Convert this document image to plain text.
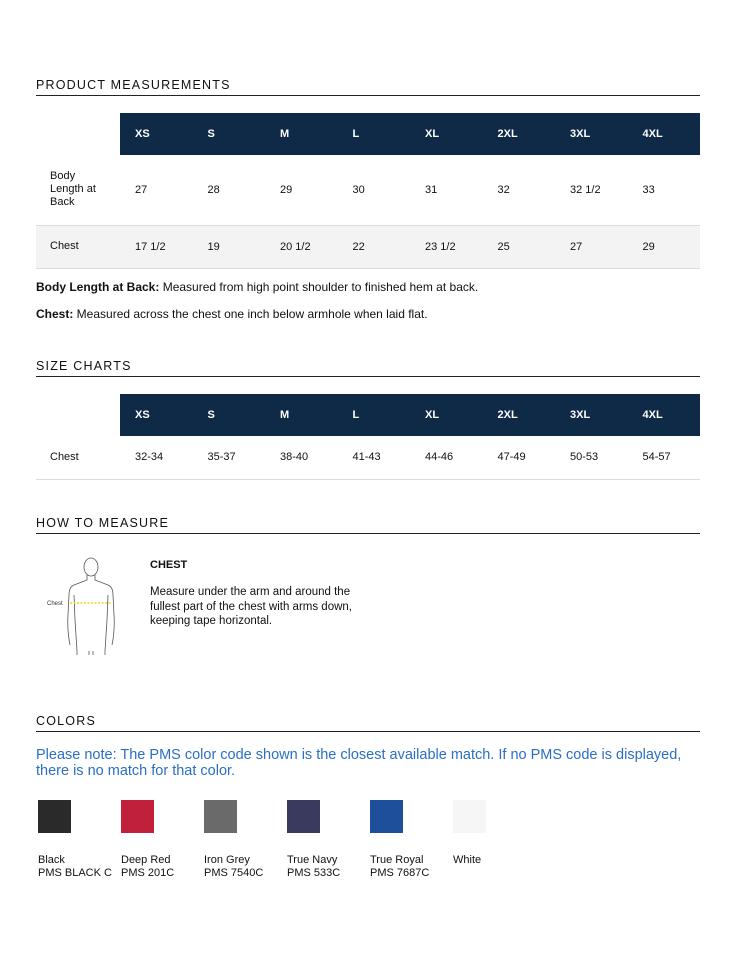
PRODUCT MEASUREMENTS
	XS	S	M	L	XL	2XL	3XL	4XL

Body Length at Back	27	28	29	30	31	32	32 1/2	33
Chest	17 1/2	19	20 1/2	22	23 1/2	25	27	29
Body Length at Back: Measured from high point shoulder to finished hem at back.
Chest: Measured across the chest one inch below armhole when laid flat.
SIZE CHARTS
	XS	S	M	L	XL	2XL	3XL	4XL
Chest	32-34	35-37	38-40	41-43	44-46	47-49	50-53	54-57
HOW TO MEASURE
Chest
CHEST
Measure under the arm and around the fullest part of the chest with arms down, keeping tape horizontal.
COLORS
Please note: The PMS color code shown is the closest available match. If no PMS code is displayed, there is no match for that color.
Black
PMS BLACK C
Deep Red
PMS 201C
Iron Grey
PMS 7540C
True Navy
PMS 533C
True Royal
PMS 7687C
White
